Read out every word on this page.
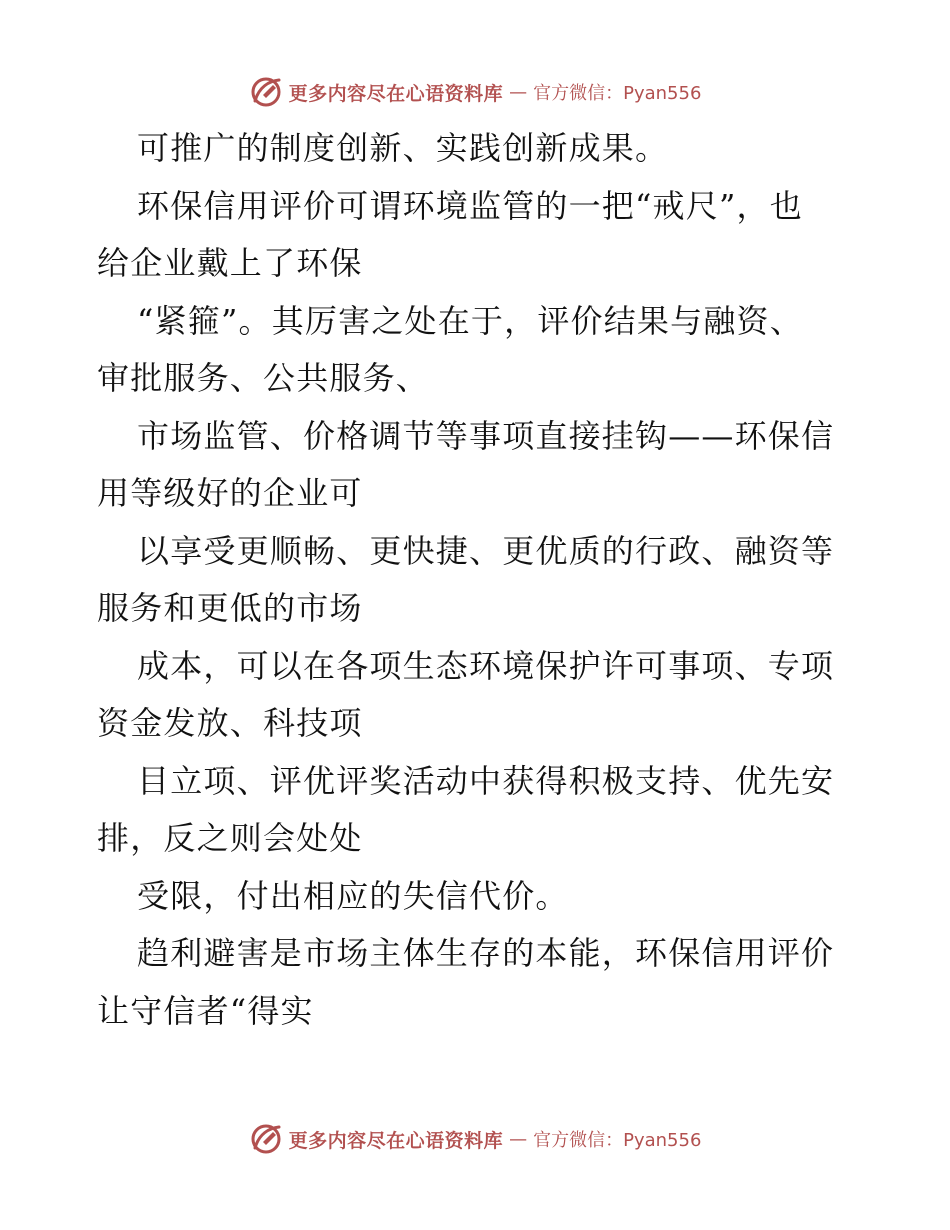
更多内容尽在心语资料库 — 官方微信：Pyan556
可推广的制度创新、实践创新成果。
环保信用评价可谓环境监管的一把“戒尺”，也
给企业戴上了环保
“紧箍”。其厉害之处在于，评价结果与融资、
审批服务、公共服务、
市场监管、价格调节等事项直接挂钩——环保信
用等级好的企业可
以享受更顺畅、更快捷、更优质的行政、融资等
服务和更低的市场
成本，可以在各项生态环境保护许可事项、专项
资金发放、科技项
目立项、评优评奖活动中获得积极支持、优先安
排，反之则会处处
受限，付出相应的失信代价。
趋利避害是市场主体生存的本能，环保信用评价
让守信者“得实
更多内容尽在心语资料库 — 官方微信：Pyan556
